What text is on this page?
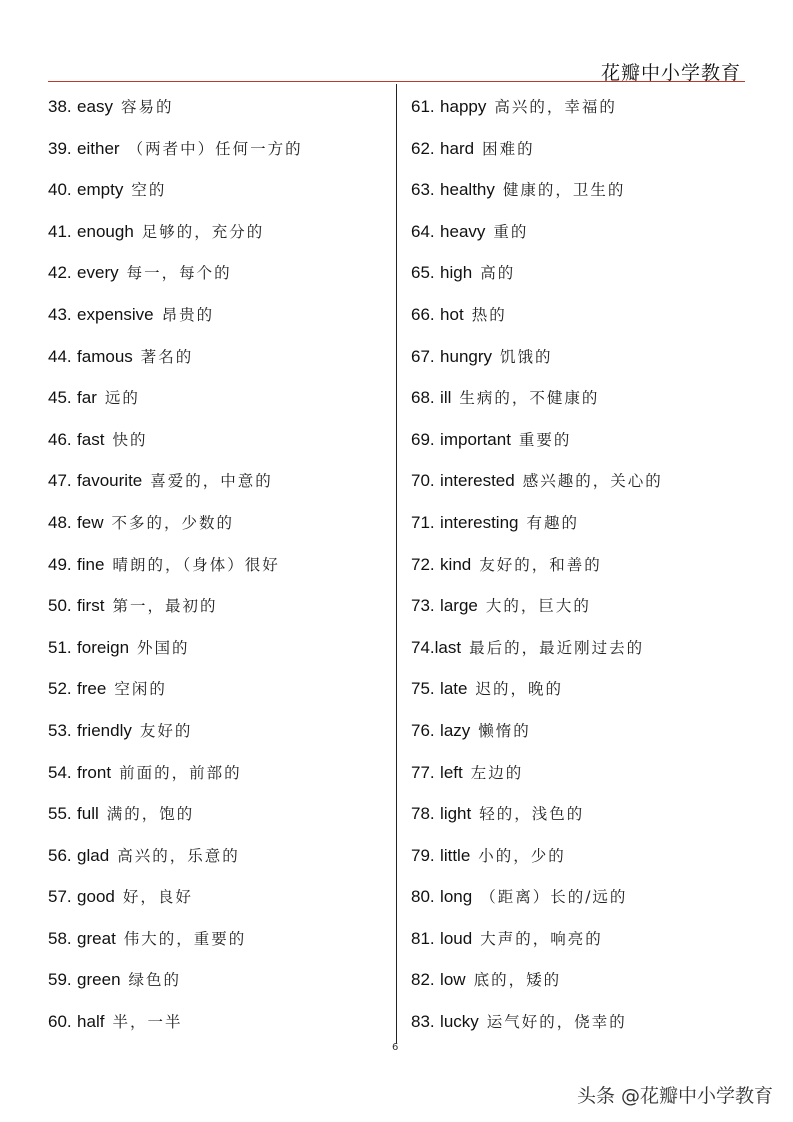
花瓣中小学教育
38. easy 容易的
39. either （两者中）任何一方的
40. empty 空的
41. enough 足够的，充分的
42. every 每一，每个的
43. expensive 昂贵的
44. famous 著名的
45. far 远的
46. fast 快的
47. favourite 喜爱的，中意的
48. few 不多的，少数的
49. fine 晴朗的，（身体）很好
50. first 第一，最初的
51. foreign 外国的
52. free 空闲的
53. friendly 友好的
54. front 前面的，前部的
55. full 满的，饱的
56. glad 高兴的，乐意的
57. good 好，良好
58. great 伟大的，重要的
59. green 绿色的
60. half 半，一半
61. happy 高兴的，幸福的
62. hard 困难的
63. healthy 健康的，卫生的
64. heavy 重的
65. high 高的
66. hot 热的
67. hungry 饥饿的
68. ill 生病的，不健康的
69. important 重要的
70. interested 感兴趣的，关心的
71. interesting 有趣的
72. kind 友好的，和善的
73. large 大的，巨大的
74.last 最后的，最近刚过去的
75. late 迟的，晚的
76. lazy 懒惰的
77. left 左边的
78. light 轻的，浅色的
79. little 小的，少的
80. long （距离）长的/远的
81. loud 大声的，响亮的
82. low 底的，矮的
83. lucky 运气好的，侥幸的
6
头条 @花瓣中小学教育
